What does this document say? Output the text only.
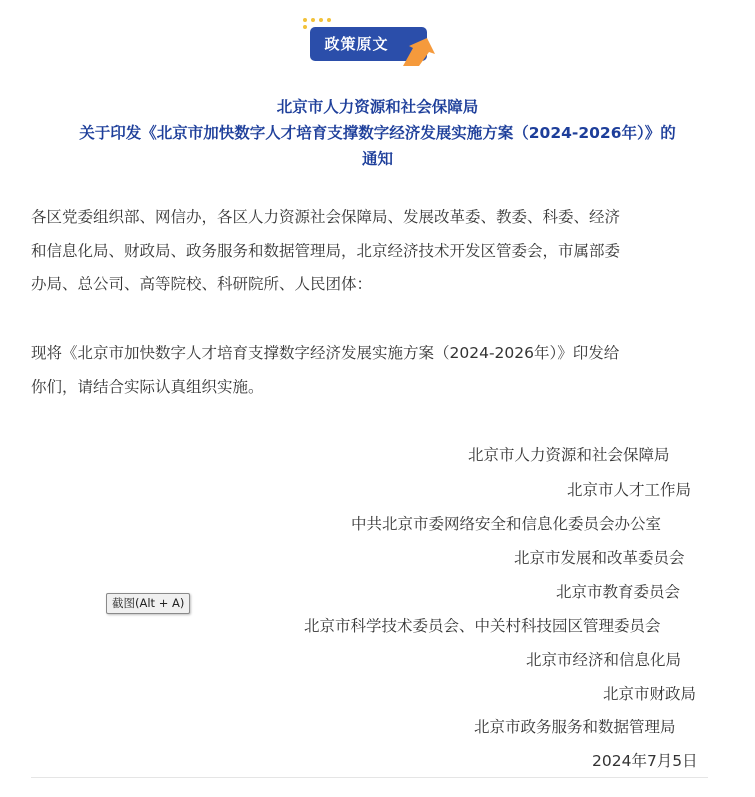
政策原文
北京市人力资源和社会保障局
关于印发《北京市加快数字人才培育支撑数字经济发展实施方案（2024-2026年）》的
通知
各区党委组织部、网信办，各区人力资源社会保障局、发展改革委、教委、科委、经济
和信息化局、财政局、政务服务和数据管理局，北京经济技术开发区管委会，市属部委
办局、总公司、高等院校、科研院所、人民团体：
现将《北京市加快数字人才培育支撑数字经济发展实施方案（2024-2026年）》印发给
你们，请结合实际认真组织实施。
北京市人力资源和社会保障局
北京市人才工作局
中共北京市委网络安全和信息化委员会办公室
北京市发展和改革委员会
北京市教育委员会
北京市科学技术委员会、中关村科技园区管理委员会
北京市经济和信息化局
北京市财政局
北京市政务服务和数据管理局
2024年7月5日
截图(Alt + A)
